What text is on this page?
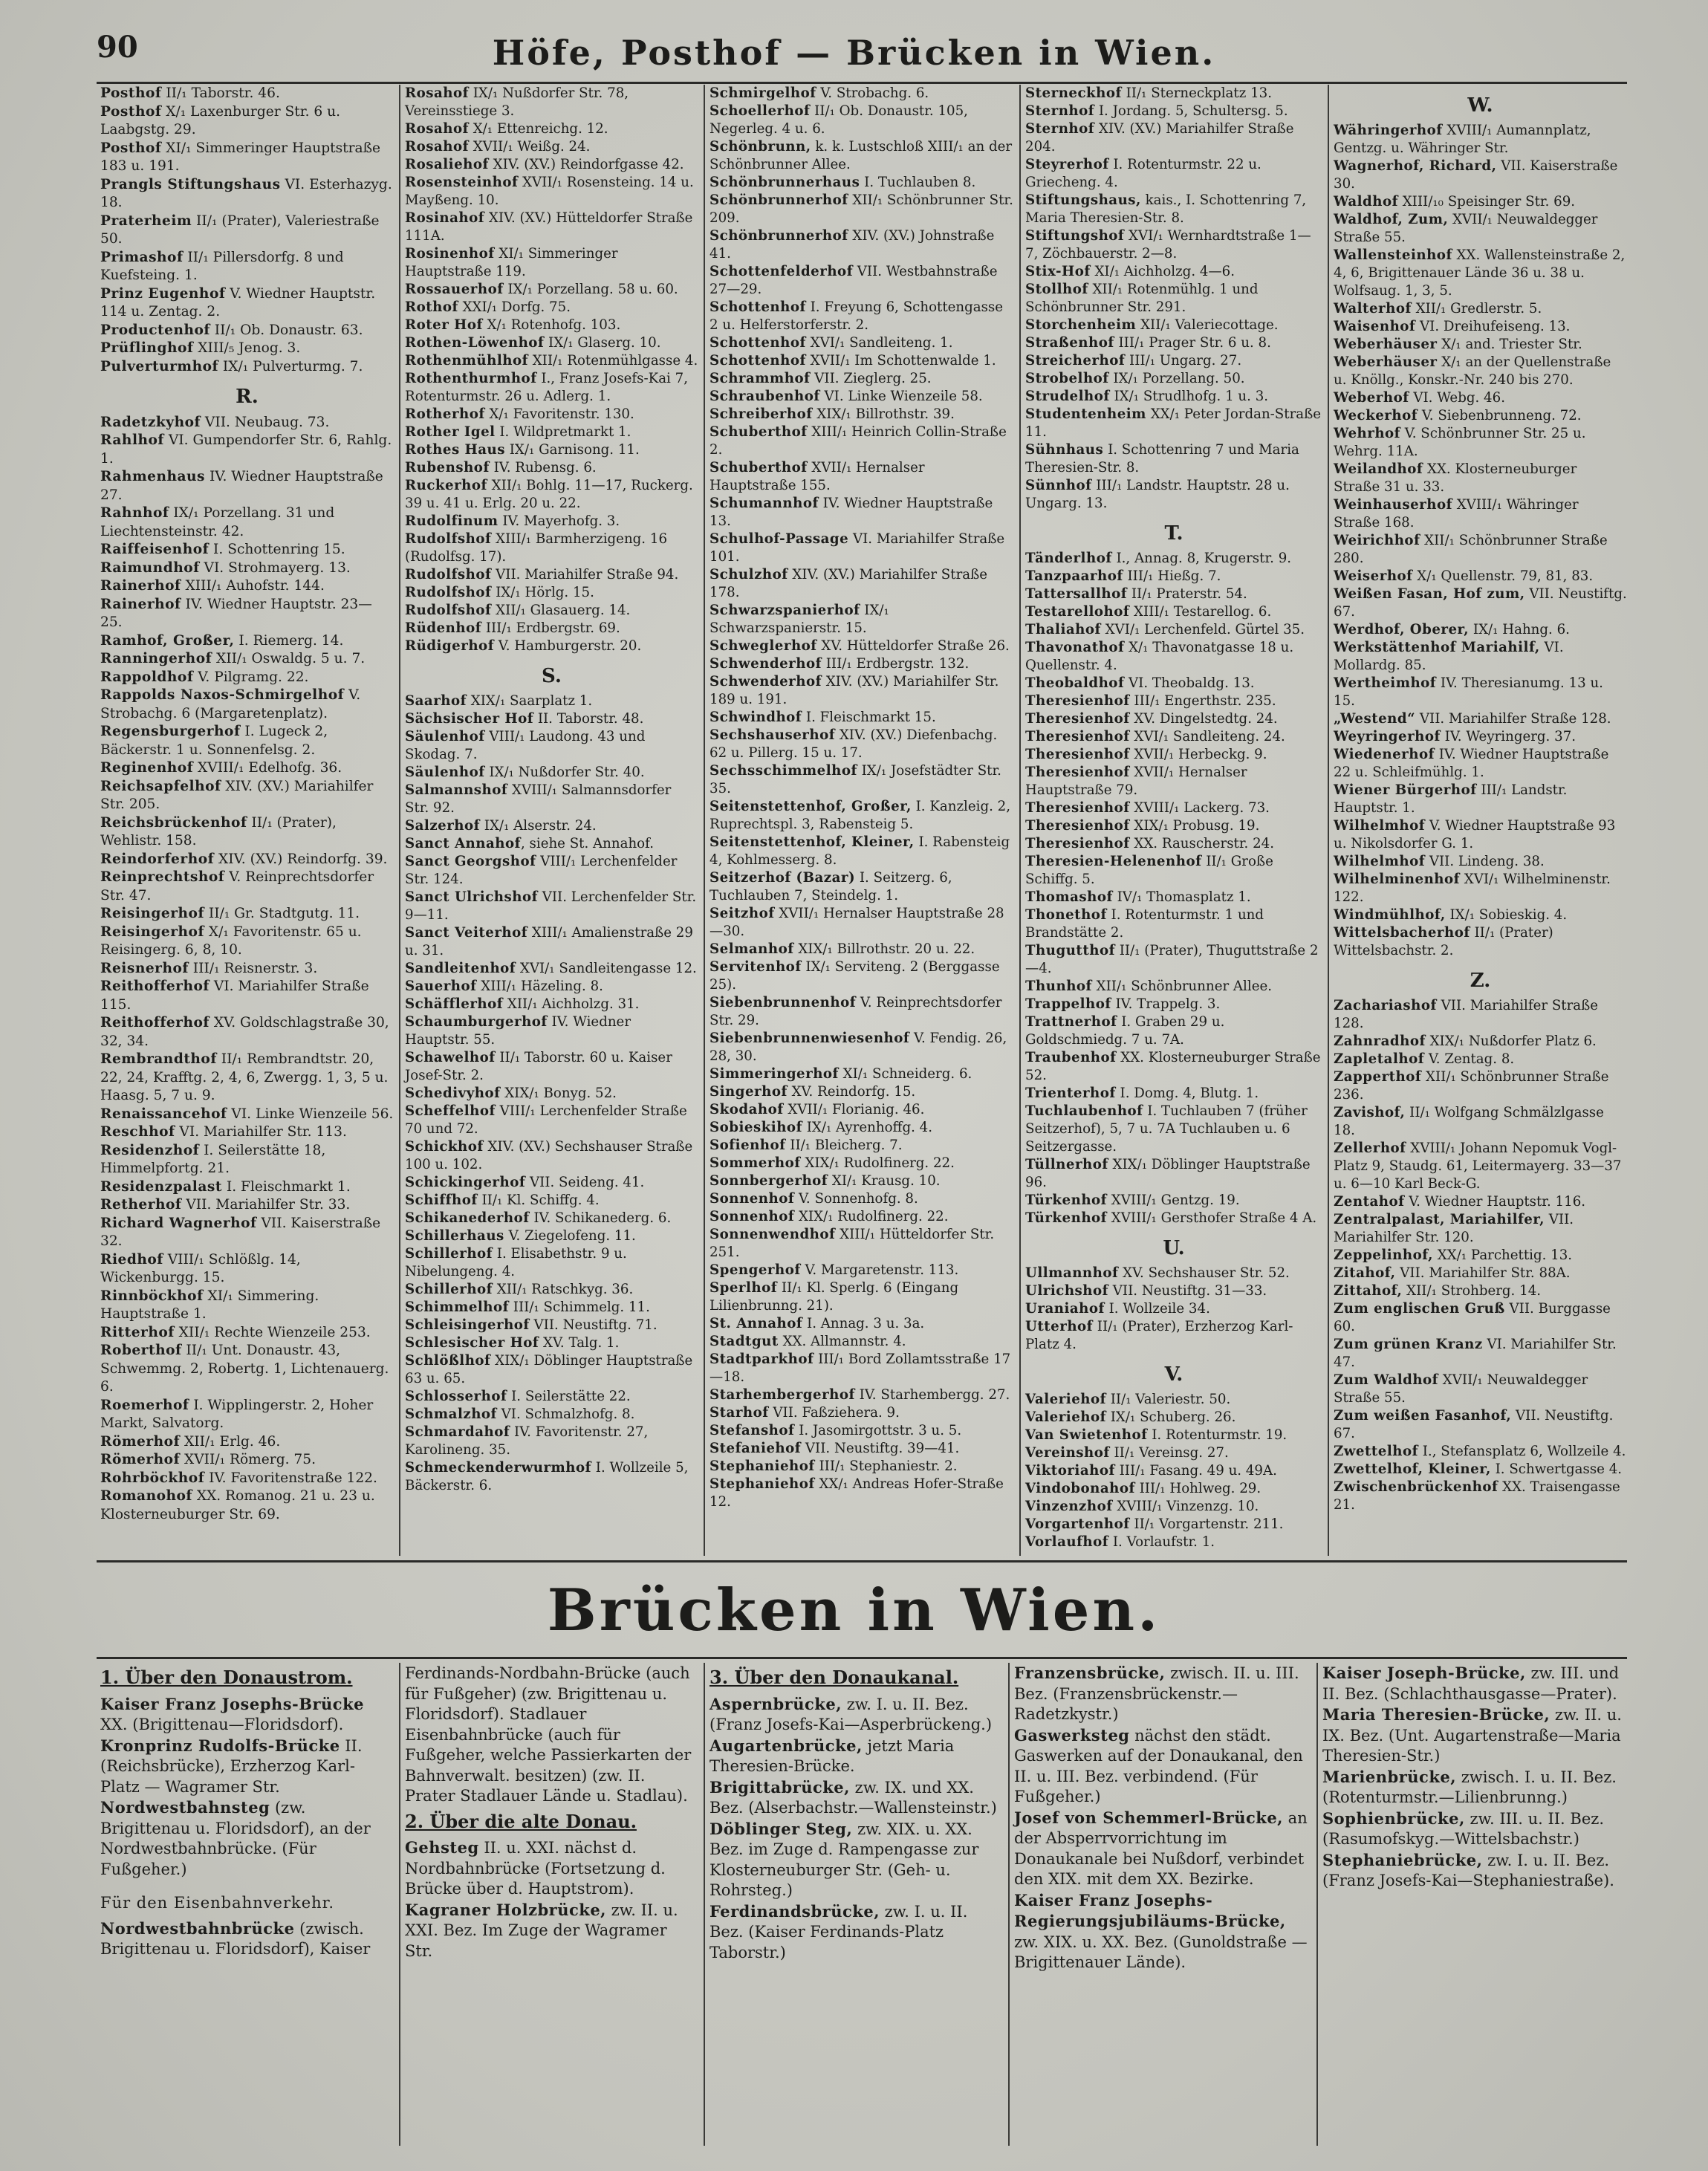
90	Höfe, Posthof — Brücken in Wien.

Posthof II/₁ Taborstr. 46.

Posthof X/₁ Laxenburger Str. 6 u. Laabgstg. 29.

Posthof XI/₁ Simmeringer Hauptstraße 183 u. 191.

Prangls Stiftungshaus VI. Esterhazyg. 18.

Praterheim II/₁ (Prater), Valeriestraße 50.

Primashof II/₁ Pillersdorfg. 8 und Kuefsteing. 1.

Prinz Eugenhof V. Wiedner Hauptstr. 114 u. Zentag. 2.

Productenhof II/₁ Ob. Donaustr. 63.

Prüflinghof XIII/₅ Jenog. 3.

Pulverturmhof IX/₁ Pulverturmg. 7.

R.

Radetzkyhof VII. Neubaug. 73.

Rahlhof VI. Gumpendorfer Str. 6, Rahlg. 1.

Rahmenhaus IV. Wiedner Hauptstraße 27.

Rahnhof IX/₁ Porzellang. 31 und Liechtensteinstr. 42.

Raiffeisenhof I. Schottenring 15.

Raimundhof VI. Strohmayerg. 13.

Rainerhof XIII/₁ Auhofstr. 144.

Rainerhof IV. Wiedner Hauptstr. 23—25.

Ramhof, Großer, I. Riemerg. 14.

Ranningerhof XII/₁ Oswaldg. 5 u. 7.

Rappoldhof V. Pilgramg. 22.

Rappolds Naxos-Schmirgelhof V. Strobachg. 6 (Margaretenplatz).

Regensburgerhof I. Lugeck 2, Bäckerstr. 1 u. Sonnenfelsg. 2.

Reginenhof XVIII/₁ Edelhofg. 36.

Reichsapfelhof XIV. (XV.) Mariahilfer Str. 205.

Reichsbrückenhof II/₁ (Prater), Wehlistr. 158.

Reindorferhof XIV. (XV.) Reindorfg. 39.

Reinprechtshof V. Reinprechtsdorfer Str. 47.

Reisingerhof II/₁ Gr. Stadtgutg. 11.

Reisingerhof X/₁ Favoritenstr. 65 u. Reisingerg. 6, 8, 10.

Reisnerhof III/₁ Reisnerstr. 3.

Reithofferhof VI. Mariahilfer Straße 115.

Reithofferhof XV. Goldschlagstraße 30, 32, 34.

Rembrandthof II/₁ Rembrandtstr. 20, 22, 24, Krafftg. 2, 4, 6, Zwergg. 1, 3, 5 u. Haasg. 5, 7 u. 9.

Renaissancehof VI. Linke Wienzeile 56.

Reschhof VI. Mariahilfer Str. 113.

Residenzhof I. Seilerstätte 18, Himmelpfortg. 21.

Residenzpalast I. Fleischmarkt 1.

Retherhof VII. Mariahilfer Str. 33.

Richard Wagnerhof VII. Kaiserstraße 32.

Riedhof VIII/₁ Schlößlg. 14, Wickenburgg. 15.

Rinnböckhof XI/₁ Simmering. Hauptstraße 1.

Ritterhof XII/₁ Rechte Wienzeile 253.

Roberthof II/₁ Unt. Donaustr. 43, Schwemmg. 2, Robertg. 1, Lichtenauerg. 6.

Roemerhof I. Wipplingerstr. 2, Hoher Markt, Salvatorg.

Römerhof XII/₁ Erlg. 46.

Römerhof XVII/₁ Römerg. 75.

Rohrböckhof IV. Favoritenstraße 122.

Romanohof XX. Romanog. 21 u. 23 u. Klosterneuburger Str. 69.

Rosahof IX/₁ Nußdorfer Str. 78, Vereinsstiege 3.

Rosahof X/₁ Ettenreichg. 12.

Rosahof XVII/₁ Weißg. 24.

Rosaliehof XIV. (XV.) Reindorfgasse 42.

Rosensteinhof XVII/₁ Rosensteing. 14 u. Mayßeng. 10.

Rosinahof XIV. (XV.) Hütteldorfer Straße 111A.

Rosinenhof XI/₁ Simmeringer Hauptstraße 119.

Rossauerhof IX/₁ Porzellang. 58 u. 60.

Rothof XXI/₁ Dorfg. 75.

Roter Hof X/₁ Rotenhofg. 103.

Rothen-Löwenhof IX/₁ Glaserg. 10.

Rothenmühlhof XII/₁ Rotenmühlgasse 4.

Rothenthurmhof I., Franz Josefs-Kai 7, Rotenturmstr. 26 u. Adlerg. 1.

Rotherhof X/₁ Favoritenstr. 130.

Rother Igel I. Wildpretmarkt 1.

Rothes Haus IX/₁ Garnisong. 11.

Rubenshof IV. Rubensg. 6.

Ruckerhof XII/₁ Bohlg. 11—17, Ruckerg. 39 u. 41 u. Erlg. 20 u. 22.

Rudolfinum IV. Mayerhofg. 3.

Rudolfshof XIII/₁ Barmherzigeng. 16 (Rudolfsg. 17).

Rudolfshof VII. Mariahilfer Straße 94.

Rudolfshof IX/₁ Hörlg. 15.

Rudolfshof XII/₁ Glasauerg. 14.

Rüdenhof III/₁ Erdbergstr. 69.

Rüdigerhof V. Hamburgerstr. 20.

S.

Saarhof XIX/₁ Saarplatz 1.

Sächsischer Hof II. Taborstr. 48.

Säulenhof VIII/₁ Laudong. 43 und Skodag. 7.

Säulenhof IX/₁ Nußdorfer Str. 40.

Salmannshof XVIII/₁ Salmannsdorfer Str. 92.

Salzerhof IX/₁ Alserstr. 24.

Sanct Annahof, siehe St. Annahof.

Sanct Georgshof VIII/₁ Lerchenfelder Str. 124.

Sanct Ulrichshof VII. Lerchenfelder Str. 9—11.

Sanct Veiterhof XIII/₁ Amalienstraße 29 u. 31.

Sandleitenhof XVI/₁ Sandleitengasse 12.

Sauerhof XIII/₁ Häzeling. 8.

Schäfflerhof XII/₁ Aichholzg. 31.

Schaumburgerhof IV. Wiedner Hauptstr. 55.

Schawelhof II/₁ Taborstr. 60 u. Kaiser Josef-Str. 2.

Schedivyhof XIX/₁ Bonyg. 52.

Scheffelhof VIII/₁ Lerchenfelder Straße 70 und 72.

Schickhof XIV. (XV.) Sechshauser Straße 100 u. 102.

Schickingerhof VII. Seideng. 41.

Schiffhof II/₁ Kl. Schiffg. 4.

Schikanederhof IV. Schikanederg. 6.

Schillerhaus V. Ziegelofeng. 11.

Schillerhof I. Elisabethstr. 9 u. Nibelungeng. 4.

Schillerhof XII/₁ Ratschkyg. 36.

Schimmelhof III/₁ Schimmelg. 11.

Schleisingerhof VII. Neustiftg. 71.

Schlesischer Hof XV. Talg. 1.

Schlößlhof XIX/₁ Döblinger Hauptstraße 63 u. 65.

Schlosserhof I. Seilerstätte 22.

Schmalzhof VI. Schmalzhofg. 8.

Schmardahof IV. Favoritenstr. 27, Karolineng. 35.

Schmeckenderwurmhof I. Wollzeile 5, Bäckerstr. 6.

Schmirgelhof V. Strobachg. 6.

Schoellerhof II/₁ Ob. Donaustr. 105, Negerleg. 4 u. 6.

Schönbrunn, k. k. Lustschloß XIII/₁ an der Schönbrunner Allee.

Schönbrunnerhaus I. Tuchlauben 8.

Schönbrunnerhof XII/₁ Schönbrunner Str. 209.

Schönbrunnerhof XIV. (XV.) Johnstraße 41.

Schottenfelderhof VII. Westbahnstraße 27—29.

Schottenhof I. Freyung 6, Schottengasse 2 u. Helferstorferstr. 2.

Schottenhof XVI/₁ Sandleiteng. 1.

Schottenhof XVII/₁ Im Schottenwalde 1.

Schrammhof VII. Zieglerg. 25.

Schraubenhof VI. Linke Wienzeile 58.

Schreiberhof XIX/₁ Billrothstr. 39.

Schuberthof XIII/₁ Heinrich Collin-Straße 2.

Schuberthof XVII/₁ Hernalser Hauptstraße 155.

Schumannhof IV. Wiedner Hauptstraße 13.

Schulhof-Passage VI. Mariahilfer Straße 101.

Schulzhof XIV. (XV.) Mariahilfer Straße 178.

Schwarzspanierhof IX/₁ Schwarzspanierstr. 15.

Schweglerhof XV. Hütteldorfer Straße 26.

Schwenderhof III/₁ Erdbergstr. 132.

Schwenderhof XIV. (XV.) Mariahilfer Str. 189 u. 191.

Schwindhof I. Fleischmarkt 15.

Sechshauserhof XIV. (XV.) Diefenbachg. 62 u. Pillerg. 15 u. 17.

Sechsschimmelhof IX/₁ Josefstädter Str. 35.

Seitenstettenhof, Großer, I. Kanzleig. 2, Ruprechtspl. 3, Rabensteig 5.

Seitenstettenhof, Kleiner, I. Rabensteig 4, Kohlmesserg. 8.

Seitzerhof (Bazar) I. Seitzerg. 6, Tuchlauben 7, Steindelg. 1.

Seitzhof XVII/₁ Hernalser Hauptstraße 28—30.

Selmanhof XIX/₁ Billrothstr. 20 u. 22.

Servitenhof IX/₁ Serviteng. 2 (Berggasse 25).

Siebenbrunnenhof V. Reinprechtsdorfer Str. 29.

Siebenbrunnenwiesenhof V. Fendig. 26, 28, 30.

Simmeringerhof XI/₁ Schneiderg. 6.

Singerhof XV. Reindorfg. 15.

Skodahof XVII/₁ Florianig. 46.

Sobieskihof IX/₁ Ayrenhoffg. 4.

Sofienhof II/₁ Bleicherg. 7.

Sommerhof XIX/₁ Rudolfinerg. 22.

Sonnbergerhof XI/₁ Krausg. 10.

Sonnenhof V. Sonnenhofg. 8.

Sonnenhof XIX/₁ Rudolfinerg. 22.

Sonnenwendhof XIII/₁ Hütteldorfer Str. 251.

Spengerhof V. Margaretenstr. 113.

Sperlhof II/₁ Kl. Sperlg. 6 (Eingang Lilienbrunng. 21).

St. Annahof I. Annag. 3 u. 3a.

Stadtgut XX. Allmannstr. 4.

Stadtparkhof III/₁ Bord Zollamtsstraße 17—18.

Starhembergerhof IV. Starhembergg. 27.

Starhof VII. Faßziehera. 9.

Stefanshof I. Jasomirgottstr. 3 u. 5.

Stefaniehof VII. Neustiftg. 39—41.

Stephaniehof III/₁ Stephaniestr. 2.

Stephaniehof XX/₁ Andreas Hofer-Straße 12.

Sterneckhof II/₁ Sterneckplatz 13.

Sternhof I. Jordang. 5, Schultersg. 5.

Sternhof XIV. (XV.) Mariahilfer Straße 204.

Steyrerhof I. Rotenturmstr. 22 u. Griecheng. 4.

Stiftungshaus, kais., I. Schottenring 7, Maria Theresien-Str. 8.

Stiftungshof XVI/₁ Wernhardtstraße 1—7, Zöchbauerstr. 2—8.

Stix-Hof XI/₁ Aichholzg. 4—6.

Stollhof XII/₁ Rotenmühlg. 1 und Schönbrunner Str. 291.

Storchenheim XII/₁ Valeriecottage.

Straßenhof III/₁ Prager Str. 6 u. 8.

Streicherhof III/₁ Ungarg. 27.

Strobelhof IX/₁ Porzellang. 50.

Strudelhof IX/₁ Strudlhofg. 1 u. 3.

Studentenheim XX/₁ Peter Jordan-Straße 11.

Sühnhaus I. Schottenring 7 und Maria Theresien-Str. 8.

Sünnhof III/₁ Landstr. Hauptstr. 28 u. Ungarg. 13.

T.

Tänderlhof I., Annag. 8, Krugerstr. 9.

Tanzpaarhof III/₁ Hießg. 7.

Tattersallhof II/₁ Praterstr. 54.

Testarellohof XIII/₁ Testarellog. 6.

Thaliahof XVI/₁ Lerchenfeld. Gürtel 35.

Thavonathof X/₁ Thavonatgasse 18 u. Quellenstr. 4.

Theobaldhof VI. Theobaldg. 13.

Theresienhof III/₁ Engerthstr. 235.

Theresienhof XV. Dingelstedtg. 24.

Theresienhof XVI/₁ Sandleiteng. 24.

Theresienhof XVII/₁ Herbeckg. 9.

Theresienhof XVII/₁ Hernalser Hauptstraße 79.

Theresienhof XVIII/₁ Lackerg. 73.

Theresienhof XIX/₁ Probusg. 19.

Theresienhof XX. Rauscherstr. 24.

Theresien-Helenenhof II/₁ Große Schiffg. 5.

Thomashof IV/₁ Thomasplatz 1.

Thonethof I. Rotenturmstr. 1 und Brandstätte 2.

Thugutthof II/₁ (Prater), Thuguttstraße 2—4.

Thunhof XII/₁ Schönbrunner Allee.

Trappelhof IV. Trappelg. 3.

Trattnerhof I. Graben 29 u. Goldschmiedg. 7 u. 7A.

Traubenhof XX. Klosterneuburger Straße 52.

Trienterhof I. Domg. 4, Blutg. 1.

Tuchlaubenhof I. Tuchlauben 7 (früher Seitzerhof), 5, 7 u. 7A Tuchlauben u. 6 Seitzergasse.

Tüllnerhof XIX/₁ Döblinger Hauptstraße 96.

Türkenhof XVIII/₁ Gentzg. 19.

Türkenhof XVIII/₁ Gersthofer Straße 4 A.

U.

Ullmannhof XV. Sechshauser Str. 52.

Ulrichshof VII. Neustiftg. 31—33.

Uraniahof I. Wollzeile 34.

Utterhof II/₁ (Prater), Erzherzog Karl-Platz 4.

V.

Valeriehof II/₁ Valeriestr. 50.

Valeriehof IX/₁ Schuberg. 26.

Van Swietenhof I. Rotenturmstr. 19.

Vereinshof II/₁ Vereinsg. 27.

Viktoriahof III/₁ Fasang. 49 u. 49A.

Vindobonahof III/₁ Hohlweg. 29.

Vinzenzhof XVIII/₁ Vinzenzg. 10.

Vorgartenhof II/₁ Vorgartenstr. 211.

Vorlaufhof I. Vorlaufstr. 1.

W.

Währingerhof XVIII/₁ Aumannplatz, Gentzg. u. Währinger Str.

Wagnerhof, Richard, VII. Kaiserstraße 30.

Waldhof XIII/₁₀ Speisinger Str. 69.

Waldhof, Zum, XVII/₁ Neuwaldegger Straße 55.

Wallensteinhof XX. Wallensteinstraße 2, 4, 6, Brigittenauer Lände 36 u. 38 u. Wolfsaug. 1, 3, 5.

Walterhof XII/₁ Gredlerstr. 5.

Waisenhof VI. Dreihufeiseng. 13.

Weberhäuser X/₁ and. Triester Str.

Weberhäuser X/₁ an der Quellenstraße u. Knöllg., Konskr.-Nr. 240 bis 270.

Weberhof VI. Webg. 46.

Weckerhof V. Siebenbrunneng. 72.

Wehrhof V. Schönbrunner Str. 25 u. Wehrg. 11A.

Weilandhof XX. Klosterneuburger Straße 31 u. 33.

Weinhauserhof XVIII/₁ Währinger Straße 168.

Weirichhof XII/₁ Schönbrunner Straße 280.

Weiserhof X/₁ Quellenstr. 79, 81, 83.

Weißen Fasan, Hof zum, VII. Neustiftg. 67.

Werdhof, Oberer, IX/₁ Hahng. 6.

Werkstättenhof Mariahilf, VI. Mollardg. 85.

Wertheimhof IV. Theresianumg. 13 u. 15.

„Westend“ VII. Mariahilfer Straße 128.

Weyringerhof IV. Weyringerg. 37.

Wiedenerhof IV. Wiedner Hauptstraße 22 u. Schleifmühlg. 1.

Wiener Bürgerhof III/₁ Landstr. Hauptstr. 1.

Wilhelmhof V. Wiedner Hauptstraße 93 u. Nikolsdorfer G. 1.

Wilhelmhof VII. Lindeng. 38.

Wilhelminenhof XVI/₁ Wilhelminenstr. 122.

Windmühlhof, IX/₁ Sobieskig. 4.

Wittelsbacherhof II/₁ (Prater) Wittelsbachstr. 2.

Z.

Zachariashof VII. Mariahilfer Straße 128.

Zahnradhof XIX/₁ Nußdorfer Platz 6.

Zapletalhof V. Zentag. 8.

Zapperthof XII/₁ Schönbrunner Straße 236.

Zavishof, II/₁ Wolfgang Schmälzlgasse 18.

Zellerhof XVIII/₁ Johann Nepomuk Vogl-Platz 9, Staudg. 61, Leitermayerg. 33—37 u. 6—10 Karl Beck-G.

Zentahof V. Wiedner Hauptstr. 116.

Zentralpalast, Mariahilfer, VII. Mariahilfer Str. 120.

Zeppelinhof, XX/₁ Parchettig. 13.

Zitahof, VII. Mariahilfer Str. 88A.

Zittahof, XII/₁ Strohberg. 14.

Zum englischen Gruß VII. Burggasse 60.

Zum grünen Kranz VI. Mariahilfer Str. 47.

Zum Waldhof XVII/₁ Neuwaldegger Straße 55.

Zum weißen Fasanhof, VII. Neustiftg. 67.

Zwettelhof I., Stefansplatz 6, Wollzeile 4.

Zwettelhof, Kleiner, I. Schwertgasse 4.

Zwischenbrückenhof XX. Traisengasse 21.

Brücken in Wien.
1. Über den Donaustrom.

Kaiser Franz Josephs-Brücke XX. (Brigittenau—Floridsdorf).

Kronprinz Rudolfs-Brücke II. (Reichsbrücke), Erzherzog Karl-Platz — Wagramer Str.

Nordwestbahnsteg (zw. Brigittenau u. Floridsdorf), an der Nordwestbahnbrücke. (Für Fußgeher.)

Für den Eisenbahnverkehr.

Nordwestbahnbrücke (zwisch. Brigittenau u. Floridsdorf), Kaiser

Ferdinands-Nordbahn-Brücke (auch für Fußgeher) (zw. Brigittenau u. Floridsdorf). Stadlauer Eisenbahnbrücke (auch für Fußgeher, welche Passierkarten der Bahnverwalt. besitzen) (zw. II. Prater Stadlauer Lände u. Stadlau).

2. Über die alte Donau.

Gehsteg II. u. XXI. nächst d. Nordbahnbrücke (Fortsetzung d. Brücke über d. Hauptstrom).

Kagraner Holzbrücke, zw. II. u. XXI. Bez. Im Zuge der Wagramer Str.

3. Über den Donaukanal.

Aspernbrücke, zw. I. u. II. Bez. (Franz Josefs-Kai—Asperbrückeng.)

Augartenbrücke, jetzt Maria Theresien-Brücke.

Brigittabrücke, zw. IX. und XX. Bez. (Alserbachstr.—Wallensteinstr.)

Döblinger Steg, zw. XIX. u. XX. Bez. im Zuge d. Rampengasse zur Klosterneuburger Str. (Geh- u. Rohrsteg.)

Ferdinandsbrücke, zw. I. u. II. Bez. (Kaiser Ferdinands-Platz Taborstr.)

Franzensbrücke, zwisch. II. u. III. Bez. (Franzensbrückenstr.—Radetzkystr.)

Gaswerksteg nächst den städt. Gaswerken auf der Donaukanal, den II. u. III. Bez. verbindend. (Für Fußgeher.)

Josef von Schemmerl-Brücke, an der Absperrvorrichtung im Donaukanale bei Nußdorf, verbindet den XIX. mit dem XX. Bezirke.

Kaiser Franz Josephs-Regierungsjubiläums-Brücke, zw. XIX. u. XX. Bez. (Gunoldstraße — Brigittenauer Lände).

Kaiser Joseph-Brücke, zw. III. und II. Bez. (Schlachthausgasse—Prater).

Maria Theresien-Brücke, zw. II. u. IX. Bez. (Unt. Augartenstraße—Maria Theresien-Str.)

Marienbrücke, zwisch. I. u. II. Bez. (Rotenturmstr.—Lilienbrunng.)

Sophienbrücke, zw. III. u. II. Bez. (Rasumofskyg.—Wittelsbachstr.)

Stephaniebrücke, zw. I. u. II. Bez. (Franz Josefs-Kai—Stephaniestraße).
